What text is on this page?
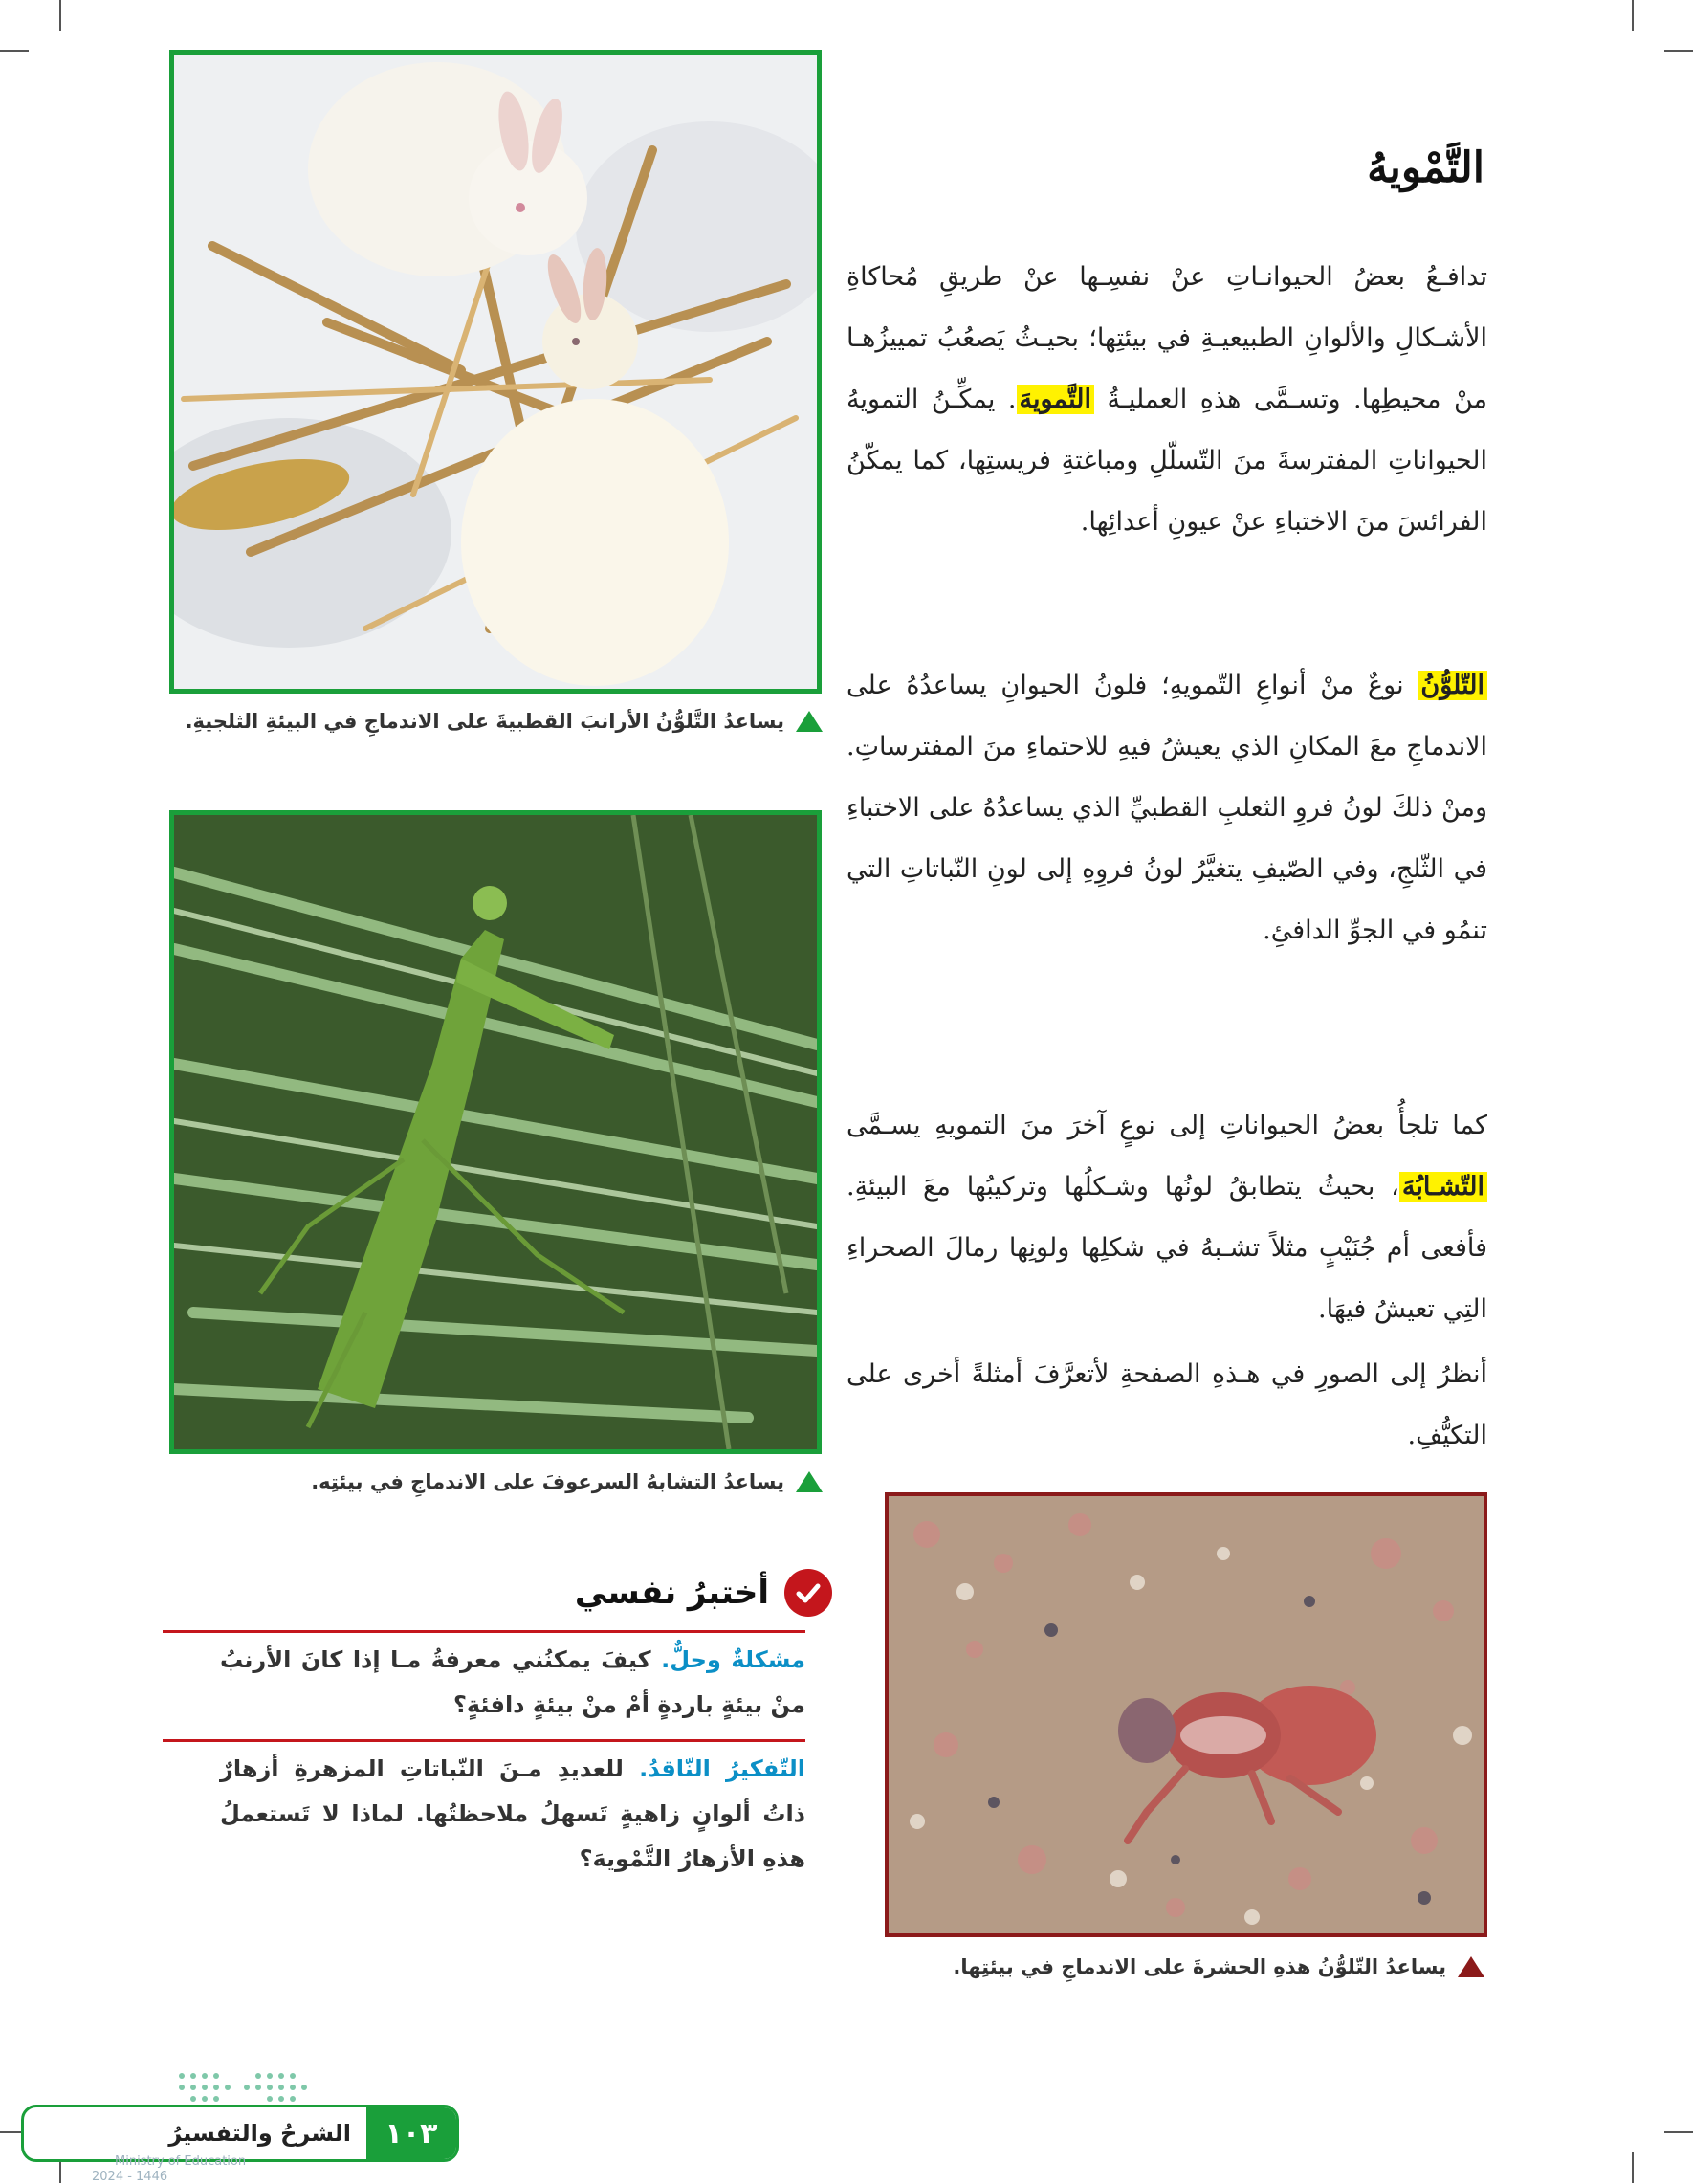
يساعدُ التَّلوُّنُ الأرانبَ القطبيةَ على الاندماجِ في البيئةِ الثلجيةِ.
يساعدُ التشابهُ السرعوفَ على الاندماجِ في بيئتِه.
يساعدُ التّلوُّنُ هذهِ الحشرةَ على الاندماجِ في بيئتِها.
التَّمْويهُ
تدافـعُ بعضُ الحيوانـاتِ عنْ نفسِـها عنْ طريقِ مُحاكاةِ الأشـكالِ والألوانِ الطبيعيـةِ في بيئتِها؛ بحيـثُ يَصعُبُ تمييزُهـا منْ محيطِها. وتسـمَّى هذهِ العمليـةُ التَّمويهَ. يمكِّـنُ التمويهُ الحيواناتِ المفترسةَ منَ التّسلّلِ ومباغتةِ فريستِها، كما يمكّنُ الفرائسَ منَ الاختباءِ عنْ عيونِ أعدائِها.
التّلوُّنُ نوعٌ منْ أنواعِ التّمويهِ؛ فلونُ الحيوانِ يساعدُهُ على الاندماجِ معَ المكانِ الذي يعيشُ فيهِ للاحتماءِ منَ المفترساتِ. ومنْ ذلكَ لونُ فروِ الثعلبِ القطبيِّ الذي يساعدُهُ على الاختباءِ في الثّلجِ، وفي الصّيفِ يتغيَّرُ لونُ فروِهِ إلى لونِ النّباتاتِ التي تنمُو في الجوِّ الدافئِ.
كما تلجأُ بعضُ الحيواناتِ إلى نوعٍ آخرَ منَ التمويهِ يسـمَّى التّشـابُهَ، بحيثُ يتطابقُ لونُها وشـكلُها وتركيبُها معَ البيئةِ. فأفعى أم جُنَيْبٍ مثلاً تشـبهُ في شكلِها ولونِها رمالَ الصحراءِ التِي تعيشُ فيهَا.
أنظرُ إلى الصورِ في هـذهِ الصفحةِ لأتعرَّفَ أمثلةً أخرى على التكيُّفِ.
أختبرُ نفسي
مشكلةٌ وحلٌّ. كيفَ يمكنُني معرفةُ مـا إذا كانَ الأرنبُ منْ بيئةٍ باردةٍ أمْ منْ بيئةٍ دافئةٍ؟
التّفكيرُ النّاقدُ. للعديدِ مـنَ النّباتاتِ المزهرةِ أزهارٌ ذاتُ ألوانٍ زاهيةٍ تَسهلُ ملاحظتُها. لماذا لا تَستعملُ هذهِ الأزهارُ التَّمْويهَ؟
١٠٣
الشرحُ والتفسيرُ
Ministry of Education
2024 - 1446
